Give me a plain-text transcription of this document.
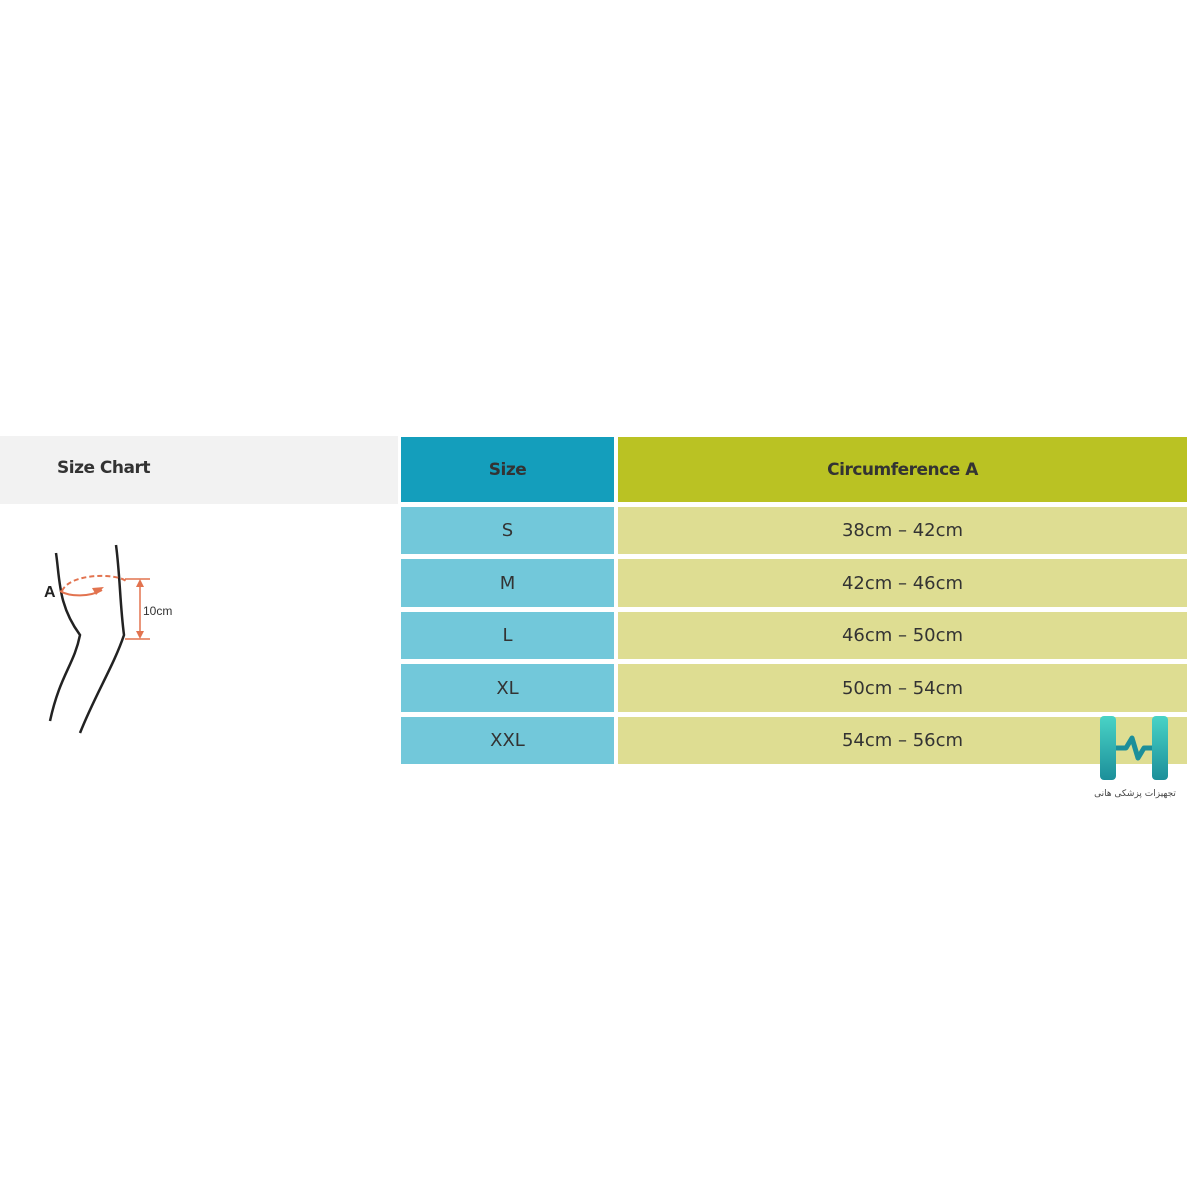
Size Chart
A
10cm
Size	Circumference A
S	38cm – 42cm
M	42cm – 46cm
L	46cm – 50cm
XL	50cm – 54cm
XXL	54cm – 56cm
تجهیزات پزشکی هانی
